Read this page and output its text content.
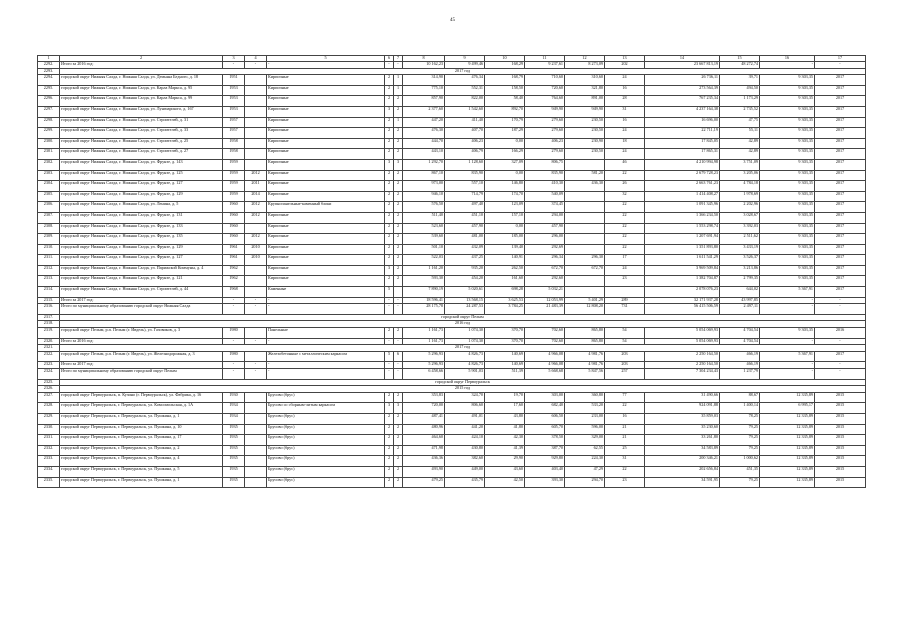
45
1	2	3	4	5	6	7	8	9	10	11	12	13	14	15	16	17
2292.	Итого за 2016 год:	-	-	-	-	-	10 162,23	9 499,46	168,29	9 237,61	8 273,09	202	23 667 813,19	48 272,74	-	-
2293.	2017 год															
2294.	городской округ Нижняя Салда, г. Нижняя Салда, ул. Демьяна Бедного, д. 18	1951		Кирпичные	2	1	314,90	476,34	168,79	710,60	310,60	24	26 736,11	39,71	9 303,35	2017
2295.	городской округ Нижняя Салда, г. Нижняя Салда, ул. Карла Маркса, д. 95	1953		Кирпичные	2	1	775,10	552,31	158,50	720,60	321,80	16	273 564,39	494,50	9 303,35	2017
2296.	городской округ Нижняя Салда, г. Нижняя Салда, ул. Карла Маркса, д. 99	1953		Кирпичные	2	2	857,90	822,00	58,40	764,60	891,00	28	767 235,34	1 173,29	9 303,35	2017
2297.	городской округ Нижняя Салда, г. Нижняя Салда, ул. Луначарского, д. 167	1953		Кирпичные	3	2	2 377,60	1 542,60	892,70	949,90	949,90	31	4 237 164,38	2 735,52	9 303,35	2017
2298.	городской округ Нижняя Салда, г. Нижняя Салда, ул. Строителей, д. 31	1957		Кирпичные	2	1	447,20	411,40	170,79	279,60	230,50	16	16 696,00	47,75	9 303,35	2017
2299.	городской округ Нижняя Салда, г. Нижняя Салда, ул. Строителей, д. 33	1957		Кирпичные	2	2	476,30	407,70	187,29	279,60	230,50	24	22 711,19	55,11	9 303,35	2017
2300.	городской округ Нижняя Салда, г. Нижняя Салда, ул. Строителей, д. 25	1958		Кирпичные	2	2	444,70	406,23	0,00	406,23	230,90	18	17 845,05	42,89	9 303,35	2017
2301.	городской округ Нижняя Салда, г. Нижняя Салда, ул. Строителей, д. 27	1958		Кирпичные	2	2	443,10	406,79	166,29	279,60	230,50	24	17 865,31	42,89	9 303,35	2017
2302.	городской округ Нижняя Салда, г. Нижняя Салда, ул. Фрунзе, д. 143	1959		Кирпичные	3	3	1 292,70	1 128,60	327,09	806,75		46	4 210 994,98	3 751,09	9 303,35	2017
2303.	городской округ Нижняя Салда, г. Нижняя Салда, ул. Фрунзе, д. 125	1959	2012	Кирпичные	2	2	867,10	835,90	0,00	835,90	581,20	22	2 679 728,23	3 205,06	9 303,35	2017
2304.	городской округ Нижняя Салда, г. Нижняя Салда, ул. Фрунзе, д. 127	1959	2011	Кирпичные	2	2	973,00	557,10	146,80	410,30	436,30	26	2 663 761,23	4 784,18	9 303,35	2017
2305.	городской округ Нижняя Салда, г. Нижняя Салда, ул. Фрунзе, д. 129	1959	2014	Кирпичные	2	2	946,10	714,79	174,70	540,09		32	1 414 408,27	1 978,69	9 303,35	2017
2306.	городской округ Нижняя Салда, г. Нижняя Салда, ул. Ленина, д. 5	1960	2012	Крупнопанельные-каменный блоки	2	2	576,50	497,40	123,09	374,45		22	1 091 345,96	2 202,96	9 303,35	2017
2307.	городской округ Нижняя Салда, г. Нижняя Салда, ул. Фрунзе, д. 131	1960	2012	Кирпичные	2	2	511,40	451,10	157,10	294,00		22	1 366 234,50	3 028,67	9 303,35	2017
2308.	городской округ Нижняя Салда, г. Нижняя Салда, ул. Фрунзе, д. 133	1960		Кирпичные	2	2	523,60	457,90	0,00	457,90		22	1 553 298,74	3 392,03	9 303,35	2017
2309.	городской округ Нижняя Салда, г. Нижняя Салда, ул. Фрунзе, д. 135	1960	2012	Кирпичные	2	2	539,60	481,00	185,00	296,00		22	1 207 691,94	2 511,62	9 303,35	2017
2310.	городской округ Нижняя Салда, г. Нижняя Салда, ул. Фрунзе, д. 129	1961	2010	Кирпичные	2	2	501,10	432,09	139,40	292,69		22	1 351 893,80	3 433,19	9 303,35	2017
2311.	городской округ Нижняя Салда, г. Нижняя Салда, ул. Фрунзе, д. 127	1961	2010	Кирпичные	2	2	522,03	437,25	140,91	296,34	296,30	17	1 611 541,29	3 526,37	9 303,35	2017
2312.	городской округ Нижняя Салда, г. Нижняя Салда, ул. Парижской Коммуны, д. 4	1962		Кирпичные	3	2	1 161,20	935,20	262,50	672,70	672,70	24	3 969 509,84	3 213,86	9 303,35	2017
2313.	городской округ Нижняя Салда, г. Нижняя Салда, ул. Фрунзе, д. 121	1962		Кирпичные	2	2	593,30	454,20	161,60	292,60		23	1 382 704,87	2 799,35	9 303,35	2017
2314.	городской округ Нижняя Салда, г. Нижняя Салда, ул. Строителей, д. 44	1968		Каменные	5		7 890,19	5 020,61	698,28	5 032,21			2 078 076,23	644,02	5 367,91	2017
2315.	Итого за 2017 год:	-	-	-	-	-	18 596,41	13 568,15	3 625,53	12 053,99	5 401,29	289	32 171 937,28	43 997,85	-	-
2316.	Итого по муниципальному образованию городской округ Нижняя Салда	-	-	-	-	-	28 175,78	24 287,53	3 784,25	21 483,39	12 808,20	731	56 415 506,59	2 497,11	-	-
2317.	городской округ Пелым															
2318.	2016 год															
2319.	городской округ Пелым, р.п. Пелым (г. Ивдель), ул. Газовиков, д. 3	1980		Панельные	2	2	1 161,73	1 074,30	370,70	702,60	865,80	54	5 054 069,93	4 704,54	9 303,35	2016
2320.	Итого за 2016 год:	-	-	-	-	-	1 161,73	1 074,30	370,70	702,60	865,80	54	5 054 069,93	4 704,54	-	-
2321.	2017 год															
2322.	городской округ Пелым, р.п. Пелым (г. Ивдель), ул. Железнодорожная, д. 3	1980		Железобетонные с металлическим каркасом	5	6	5 296,93	4 826,73	140,69	4 966,08	4 981,76	203	2 250 164,50	466,19	5 367,91	2017
2323.	Итого за 2017 год:	-	-	-	-	-	5 296,93	4 826,73	140,69	4 966,08	4 981,76	203	2 250 164,50	466,19	-	-
2324.	Итого по муниципальному образованию городской округ Пелым	-	-	-	-	-	6 458,66	5 901,03	511,39	5 668,68	5 847,56	257	7 304 234,43	1 237,79	-	-
2325.	городской округ Первоуральск															
2326.	2015 год															
2327.	городской округ Первоуральск, п. Кузино (г. Первоуральск), ул. Фабрика, д. 16	1930		Брусово (брус)	2	2	353,83	324,70	19,70	303,00	360,80	77	31 490,66	88,67	12 335,89	2015
2328.	городской округ Первоуральск, г. Первоуральск, ул. Комсомольская, д. 1А	1934		Брусово со сборным-литым каркасом	3	3	720,00	806,60	17,60	682,40	533,20	22	924 091,88	1 400,14	6 995,17	2015
2329.	городской округ Первоуральск, г. Первоуральск, ул. Пушкина, д. 1	1934		Брусово (брус)	2	2	487,41	491,01	43,80	606,50	233,00	16	35 859,03	78,25	12 335,89	2015
2330.	городской округ Первоуральск, г. Первоуральск, ул. Пушкина, д. 10	1935		Брусово (брус)	2	2	480,96	441,20	41,80	605,70	596,00	21	35 230,60	79,25	12 335,89	2015
2331.	городской округ Первоуральск, г. Первоуральск, ул. Пушкина, д. 17	1935		Брусово (брус)	2	2	464,60	424,10	42,30	378,50	329,00	21	33 261,80	79,25	12 335,89	2015
2332.	городской округ Первоуральск, г. Первоуральск, ул. Пушкина, д. 2	1935		Брусово (брус)	2	2	471,98	430,80	41,39	387,70	62,55	25	34 583,89	79,25	12 335,89	2015
2333.	городской округ Первоуральск, г. Первоуральск, ул. Пушкина, д. 4	1935		Брусово (брус)	2	2	436,36	382,60	29,90	929,80	224,30	31	200 346,21	1 000,62	12 335,89	2015
2334.	городской округ Первоуральск, г. Первоуральск, ул. Пушкина, д. 5	1935		Брусово (брус)	2	2	493,90	449,00	43,60	403,40	47,29	22	202 656,84	451,35	12 335,89	2015
2335.	городской округ Первоуральск, г. Первоуральск, ул. Пушкина, д. 1	1935		Брусово (брус)	2	2	479,25	435,79	42,50	393,30	294,70	23	34 591,95	79,25	12 335,89	2015
